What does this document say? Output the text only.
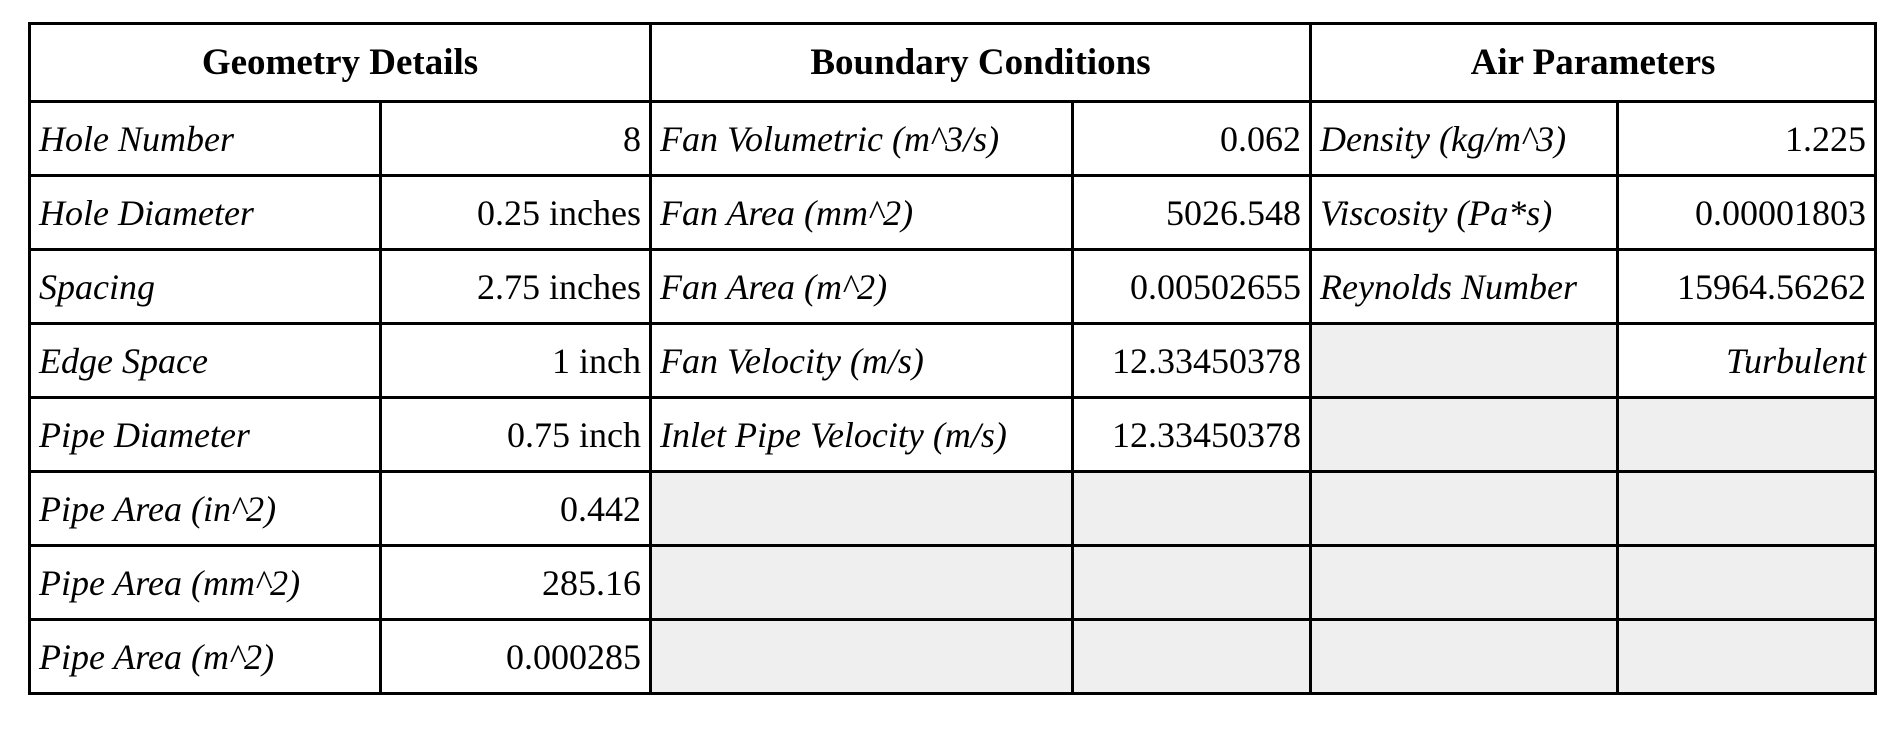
Geometry Details		Boundary Conditions		Air Parameters	
Hole Number	8	Fan Volumetric (m^3/s)	0.062	Density (kg/m^3)	1.225
Hole Diameter	0.25 inches	Fan Area (mm^2)	5026.548	Viscosity (Pa*s)	0.00001803
Spacing	2.75 inches	Fan Area (m^2)	0.00502655	Reynolds Number	15964.56262
Edge Space	1 inch	Fan Velocity (m/s)	12.33450378		Turbulent
Pipe Diameter	0.75 inch	Inlet Pipe Velocity (m/s)	12.33450378		
Pipe Area (in^2)	0.442				
Pipe Area (mm^2)	285.16				
Pipe Area (m^2)	0.000285				
